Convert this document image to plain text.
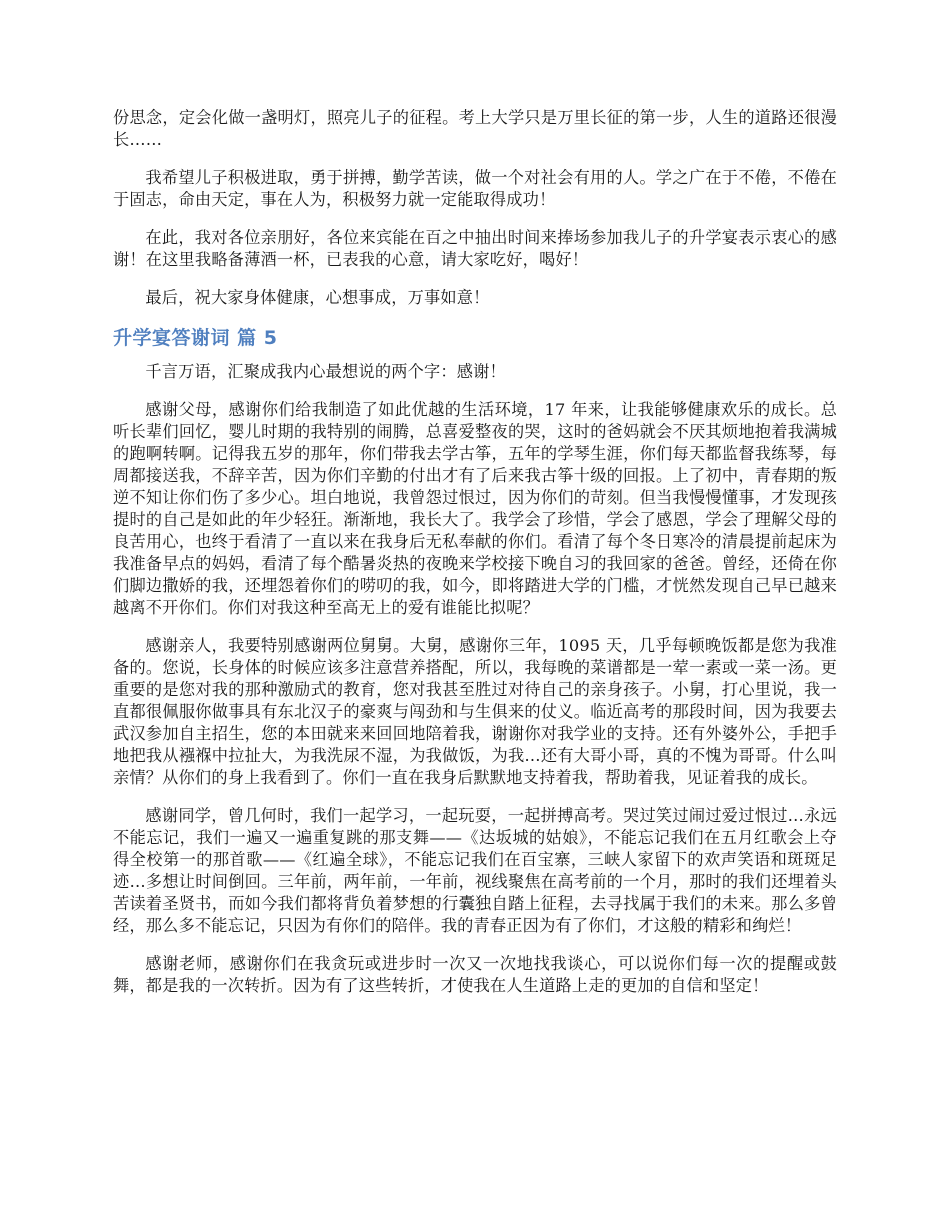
份思念，定会化做一盏明灯，照亮儿子的征程。考上大学只是万里长征的第一步，人生的道路还很漫长……

我希望儿子积极进取，勇于拼搏，勤学苦读，做一个对社会有用的人。学之广在于不倦，不倦在于固志，命由天定，事在人为，积极努力就一定能取得成功！

在此，我对各位亲朋好，各位来宾能在百之中抽出时间来捧场参加我儿子的升学宴表示衷心的感谢！在这里我略备薄酒一杯，已表我的心意，请大家吃好，喝好！

最后，祝大家身体健康，心想事成，万事如意！

升学宴答谢词 篇 5

千言万语，汇聚成我内心最想说的两个字：感谢！

感谢父母，感谢你们给我制造了如此优越的生活环境，17 年来，让我能够健康欢乐的成长。总听长辈们回忆，婴儿时期的我特别的闹腾，总喜爱整夜的哭，这时的爸妈就会不厌其烦地抱着我满城的跑啊转啊。记得我五岁的那年，你们带我去学古筝，五年的学琴生涯，你们每天都监督我练琴，每周都接送我，不辞辛苦，因为你们辛勤的付出才有了后来我古筝十级的回报。上了初中，青春期的叛逆不知让你们伤了多少心。坦白地说，我曾怨过恨过，因为你们的苛刻。但当我慢慢懂事，才发现孩提时的自己是如此的年少轻狂。渐渐地，我长大了。我学会了珍惜，学会了感恩，学会了理解父母的良苦用心，也终于看清了一直以来在我身后无私奉献的你们。看清了每个冬日寒冷的清晨提前起床为我准备早点的妈妈，看清了每个酷暑炎热的夜晚来学校接下晚自习的我回家的爸爸。曾经，还倚在你们脚边撒娇的我，还埋怨着你们的唠叨的我，如今，即将踏进大学的门槛，才恍然发现自己早已越来越离不开你们。你们对我这种至高无上的爱有谁能比拟呢？

感谢亲人，我要特别感谢两位舅舅。大舅，感谢你三年，1095 天，几乎每顿晚饭都是您为我准备的。您说，长身体的时候应该多注意营养搭配，所以，我每晚的菜谱都是一荤一素或一菜一汤。更重要的是您对我的那种激励式的教育，您对我甚至胜过对待自己的亲身孩子。小舅，打心里说，我一直都很佩服你做事具有东北汉子的豪爽与闯劲和与生俱来的仗义。临近高考的那段时间，因为我要去武汉参加自主招生，您的本田就来来回回地陪着我，谢谢你对我学业的支持。还有外婆外公，手把手地把我从襁褓中拉扯大，为我洗尿不湿，为我做饭，为我…还有大哥小哥，真的不愧为哥哥。什么叫亲情？从你们的身上我看到了。你们一直在我身后默默地支持着我，帮助着我，见证着我的成长。

感谢同学，曾几何时，我们一起学习，一起玩耍，一起拼搏高考。哭过笑过闹过爱过恨过…永远不能忘记，我们一遍又一遍重复跳的那支舞——《达坂城的姑娘》，不能忘记我们在五月红歌会上夺得全校第一的那首歌——《红遍全球》，不能忘记我们在百宝寨，三峡人家留下的欢声笑语和斑斑足迹…多想让时间倒回。三年前，两年前，一年前，视线聚焦在高考前的一个月，那时的我们还埋着头苦读着圣贤书，而如今我们都将背负着梦想的行囊独自踏上征程，去寻找属于我们的未来。那么多曾经，那么多不能忘记，只因为有你们的陪伴。我的青春正因为有了你们，才这般的精彩和绚烂！

感谢老师，感谢你们在我贪玩或进步时一次又一次地找我谈心，可以说你们每一次的提醒或鼓舞，都是我的一次转折。因为有了这些转折，才使我在人生道路上走的更加的自信和坚定！
